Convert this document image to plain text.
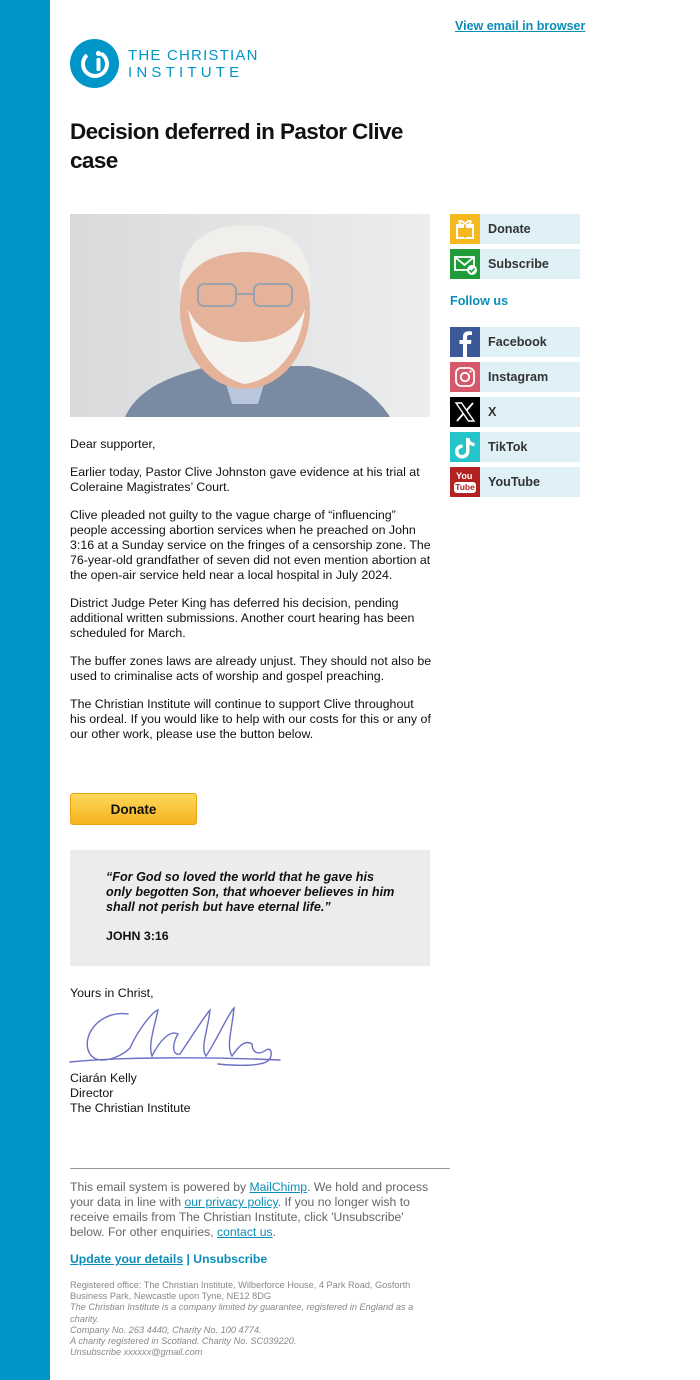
View email in browser
THE CHRISTIAN
INSTITUTE
Decision deferred in Pastor Clive case

Dear supporter,

Earlier today, Pastor Clive Johnston gave evidence at his trial at Coleraine Magistrates’ Court.

Clive pleaded not guilty to the vague charge of “influencing” people accessing abortion services when he preached on John 3:16 at a Sunday service on the fringes of a censorship zone. The 76-year-old grandfather of seven did not even mention abortion at the open-air service held near a local hospital in July 2024.

District Judge Peter King has deferred his decision, pending additional written submissions. Another court hearing has been scheduled for March.

The buffer zones laws are already unjust. They should not also be used to criminalise acts of worship and gospel preaching.

The Christian Institute will continue to support Clive throughout his ordeal. If you would like to help with our costs for this or any of our other work, please use the button below.

Donate
“For God so loved the world that he gave his only begotten Son, that whoever believes in him shall not perish but have eternal life.”
JOHN 3:16
Yours in Christ,
Ciarán Kelly
Director
The Christian Institute
Donate
Subscribe
Follow us
Facebook
Instagram
X
TikTok
You
Tube YouTube
This email system is powered by MailChimp. We hold and process your data in line with our privacy policy. If you no longer wish to receive emails from The Christian Institute, click 'Unsubscribe' below. For other enquiries, contact us.
Update your details | Unsubscribe
Registered office: The Christian Institute, Wilberforce House, 4 Park Road, Gosforth Business Park, Newcastle upon Tyne, NE12 8DG
The Christian Institute is a company limited by guarantee, registered in England as a charity.
Company No. 263 4440, Charity No. 100 4774.
A charity registered in Scotland. Charity No. SC039220.
Unsubscribe xxxxxx@gmail.com
